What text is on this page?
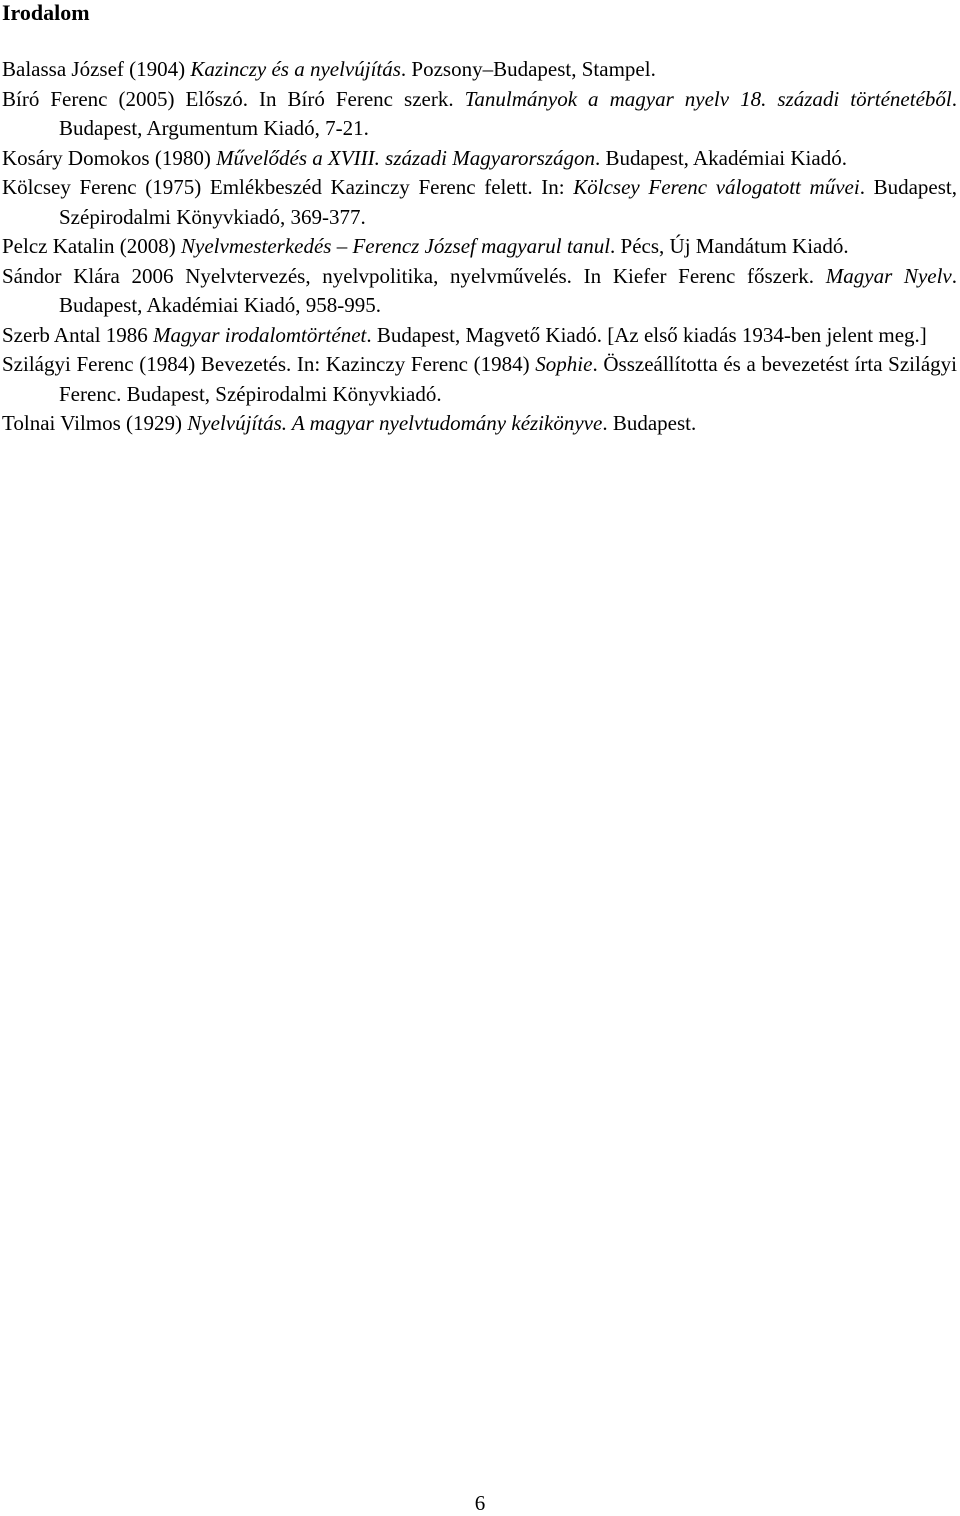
Irodalom
Balassa József (1904) Kazinczy és a nyelvújítás. Pozsony–Budapest, Stampel.
Bíró Ferenc (2005) Előszó. In Bíró Ferenc szerk. Tanulmányok a magyar nyelv 18. századi történetéből. Budapest, Argumentum Kiadó, 7-21.
Kosáry Domokos (1980) Művelődés a XVIII. századi Magyarországon. Budapest, Akadémiai Kiadó.
Kölcsey Ferenc (1975) Emlékbeszéd Kazinczy Ferenc felett. In: Kölcsey Ferenc válogatott művei. Budapest, Szépirodalmi Könyvkiadó, 369-377.
Pelcz Katalin (2008) Nyelvmesterkedés – Ferencz József magyarul tanul. Pécs, Új Mandátum Kiadó.
Sándor Klára 2006 Nyelvtervezés, nyelvpolitika, nyelvművelés. In Kiefer Ferenc főszerk. Magyar Nyelv. Budapest, Akadémiai Kiadó, 958-995.
Szerb Antal 1986 Magyar irodalomtörténet. Budapest, Magvető Kiadó. [Az első kiadás 1934-ben jelent meg.]
Szilágyi Ferenc (1984) Bevezetés. In: Kazinczy Ferenc (1984) Sophie. Összeállította és a bevezetést írta Szilágyi Ferenc. Budapest, Szépirodalmi Könyvkiadó.
Tolnai Vilmos (1929) Nyelvújítás. A magyar nyelvtudomány kézikönyve. Budapest.
6
